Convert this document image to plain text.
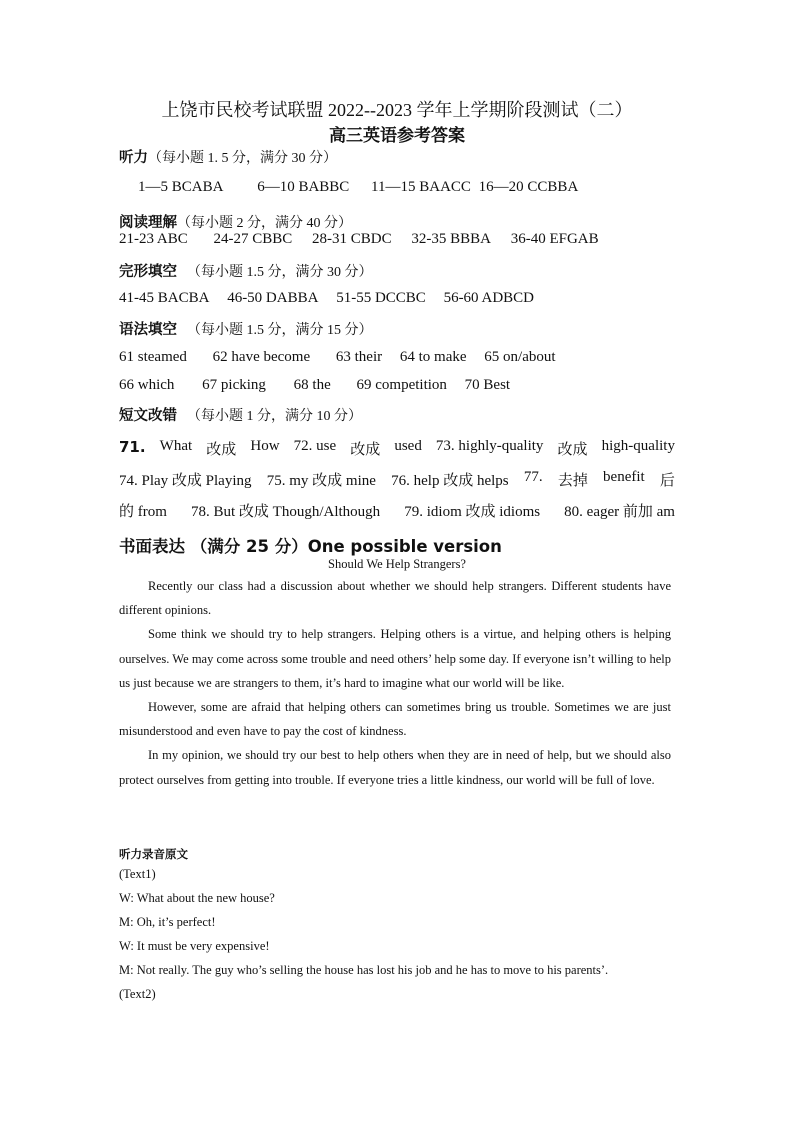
上饶市民校考试联盟 2022--2023 学年上学期阶段测试（二）
高三英语参考答案
听力（每小题 1. 5 分，满分 30 分）
1—5 BCABA 6—10 BABBC 11—15 BAACC 16—20 CCBBA
阅读理解（每小题 2 分，满分 40 分）
21-23 ABC 24-27 CBBC 28-31 CBDC 32-35 BBBA 36-40 EFGAB
完形填空 （每小题 1.5 分，满分 30 分）
41-45 BACBA 46-50 DABBA 51-55 DCCBC 56-60 ADBCD
语法填空 （每小题 1.5 分，满分 15 分）
61 steamed 62 have become 63 their 64 to make 65 on/about
66 which 67 picking 68 the 69 competition 70 Best
短文改错 （每小题 1 分，满分 10 分）
71. What 改成 How 72. use 改成 used 73. highly-quality 改成 high-quality
74. Play 改成 Playing 75. my 改成 mine 76. help 改成 helps 77. 去掉 benefit 后
的 from 78. But 改成 Though/Although 79. idiom 改成 idioms 80. eager 前加 am
书面表达 （满分 25 分）One possible version
Should We Help Strangers?

Recently our class had a discussion about whether we should help strangers. Different students have different opinions.

Some think we should try to help strangers. Helping others is a virtue, and helping others is helping ourselves. We may come across some trouble and need others’ help some day. If everyone isn’t willing to help us just because we are strangers to them, it’s hard to imagine what our world will be like.

However, some are afraid that helping others can sometimes bring us trouble. Sometimes we are just misunderstood and even have to pay the cost of kindness.

In my opinion, we should try our best to help others when they are in need of help, but we should also protect ourselves from getting into trouble. If everyone tries a little kindness, our world will be full of love.

听力录音原文
(Text1)
W: What about the new house?
M: Oh, it’s perfect!
W: It must be very expensive!
M: Not really. The guy who’s selling the house has lost his job and he has to move to his parents’.
(Text2)
